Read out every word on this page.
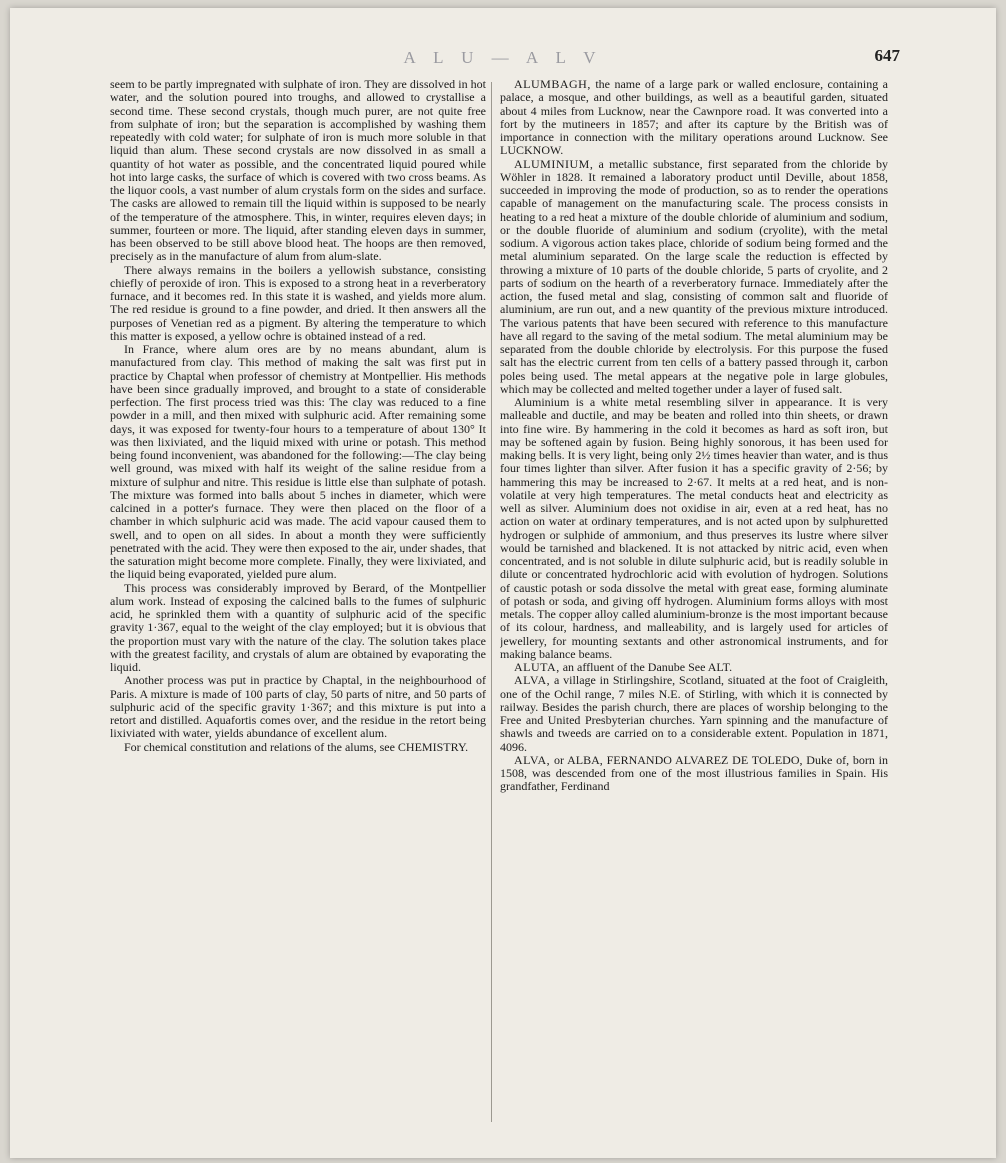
A L U — A L V	647

seem to be partly impregnated with sulphate of iron. They are dissolved in hot water, and the solution poured into troughs, and allowed to crystallise a second time. These second crystals, though much purer, are not quite free from sulphate of iron; but the separation is accomplished by washing them repeatedly with cold water; for sulphate of iron is much more soluble in that liquid than alum. These second crystals are now dissolved in as small a quantity of hot water as possible, and the concentrated liquid poured while hot into large casks, the surface of which is covered with two cross beams. As the liquor cools, a vast number of alum crystals form on the sides and surface. The casks are allowed to remain till the liquid within is supposed to be nearly of the temperature of the atmosphere. This, in winter, requires eleven days; in summer, fourteen or more. The liquid, after standing eleven days in summer, has been observed to be still above blood heat. The hoops are then removed, precisely as in the manufacture of alum from alum-slate.

There always remains in the boilers a yellowish substance, consisting chiefly of peroxide of iron. This is exposed to a strong heat in a reverberatory furnace, and it becomes red. In this state it is washed, and yields more alum. The red residue is ground to a fine powder, and dried. It then answers all the purposes of Venetian red as a pigment. By altering the temperature to which this matter is exposed, a yellow ochre is obtained instead of a red.

In France, where alum ores are by no means abundant, alum is manufactured from clay. This method of making the salt was first put in practice by Chaptal when professor of chemistry at Montpellier. His methods have been since gradually improved, and brought to a state of considerable perfection. The first process tried was this: The clay was reduced to a fine powder in a mill, and then mixed with sulphuric acid. After remaining some days, it was exposed for twenty-four hours to a temperature of about 130° It was then lixiviated, and the liquid mixed with urine or potash. This method being found inconvenient, was abandoned for the following:—The clay being well ground, was mixed with half its weight of the saline residue from a mixture of sulphur and nitre. This residue is little else than sulphate of potash. The mixture was formed into balls about 5 inches in diameter, which were calcined in a potter's furnace. They were then placed on the floor of a chamber in which sulphuric acid was made. The acid vapour caused them to swell, and to open on all sides. In about a month they were sufficiently penetrated with the acid. They were then exposed to the air, under shades, that the saturation might become more complete. Finally, they were lixiviated, and the liquid being evaporated, yielded pure alum.

This process was considerably improved by Berard, of the Montpellier alum work. Instead of exposing the calcined balls to the fumes of sulphuric acid, he sprinkled them with a quantity of sulphuric acid of the specific gravity 1·367, equal to the weight of the clay employed; but it is obvious that the proportion must vary with the nature of the clay. The solution takes place with the greatest facility, and crystals of alum are obtained by evaporating the liquid.

Another process was put in practice by Chaptal, in the neighbourhood of Paris. A mixture is made of 100 parts of clay, 50 parts of nitre, and 50 parts of sulphuric acid of the specific gravity 1·367; and this mixture is put into a retort and distilled. Aquafortis comes over, and the residue in the retort being lixiviated with water, yields abundance of excellent alum.

For chemical constitution and relations of the alums, see CHEMISTRY.

ALUMBAGH, the name of a large park or walled enclosure, containing a palace, a mosque, and other buildings, as well as a beautiful garden, situated about 4 miles from Lucknow, near the Cawnpore road. It was converted into a fort by the mutineers in 1857; and after its capture by the British was of importance in connection with the military operations around Lucknow. See LUCKNOW.

ALUMINIUM, a metallic substance, first separated from the chloride by Wöhler in 1828. It remained a laboratory product until Deville, about 1858, succeeded in improving the mode of production, so as to render the operations capable of management on the manufacturing scale. The process consists in heating to a red heat a mixture of the double chloride of aluminium and sodium, or the double fluoride of aluminium and sodium (cryolite), with the metal sodium. A vigorous action takes place, chloride of sodium being formed and the metal aluminium separated. On the large scale the reduction is effected by throwing a mixture of 10 parts of the double chloride, 5 parts of cryolite, and 2 parts of sodium on the hearth of a reverberatory furnace. Immediately after the action, the fused metal and slag, consisting of common salt and fluoride of aluminium, are run out, and a new quantity of the previous mixture introduced. The various patents that have been secured with reference to this manufacture have all regard to the saving of the metal sodium. The metal aluminium may be separated from the double chloride by electrolysis. For this purpose the fused salt has the electric current from ten cells of a battery passed through it, carbon poles being used. The metal appears at the negative pole in large globules, which may be collected and melted together under a layer of fused salt.

Aluminium is a white metal resembling silver in appearance. It is very malleable and ductile, and may be beaten and rolled into thin sheets, or drawn into fine wire. By hammering in the cold it becomes as hard as soft iron, but may be softened again by fusion. Being highly sonorous, it has been used for making bells. It is very light, being only 2½ times heavier than water, and is thus four times lighter than silver. After fusion it has a specific gravity of 2·56; by hammering this may be increased to 2·67. It melts at a red heat, and is non-volatile at very high temperatures. The metal conducts heat and electricity as well as silver. Aluminium does not oxidise in air, even at a red heat, has no action on water at ordinary temperatures, and is not acted upon by sulphuretted hydrogen or sulphide of ammonium, and thus preserves its lustre where silver would be tarnished and blackened. It is not attacked by nitric acid, even when concentrated, and is not soluble in dilute sulphuric acid, but is readily soluble in dilute or concentrated hydrochloric acid with evolution of hydrogen. Solutions of caustic potash or soda dissolve the metal with great ease, forming aluminate of potash or soda, and giving off hydrogen. Aluminium forms alloys with most metals. The copper alloy called aluminium-bronze is the most important because of its colour, hardness, and malleability, and is largely used for articles of jewellery, for mounting sextants and other astronomical instruments, and for making balance beams.

ALUTA, an affluent of the Danube See ALT.

ALVA, a village in Stirlingshire, Scotland, situated at the foot of Craigleith, one of the Ochil range, 7 miles N.E. of Stirling, with which it is connected by railway. Besides the parish church, there are places of worship belonging to the Free and United Presbyterian churches. Yarn spinning and the manufacture of shawls and tweeds are carried on to a considerable extent. Population in 1871, 4096.

ALVA, or ALBA, FERNANDO ALVAREZ DE TOLEDO, Duke of, born in 1508, was descended from one of the most illustrious families in Spain. His grandfather, Ferdinand
